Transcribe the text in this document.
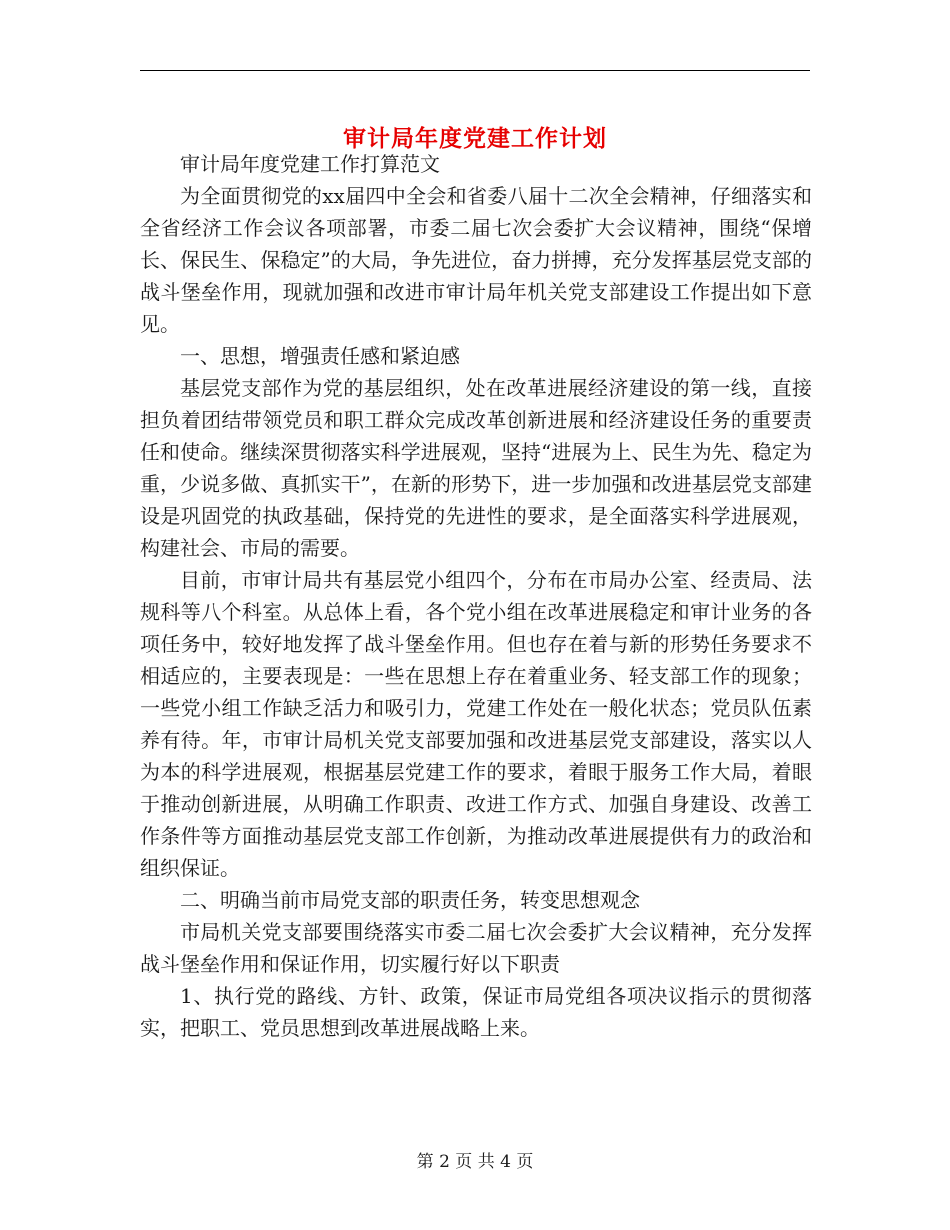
审计局年度党建工作计划

审计局年度党建工作打算范文

为全面贯彻党的xx届四中全会和省委八届十二次全会精神，仔细落实和全省经济工作会议各项部署，市委二届七次会委扩大会议精神，围绕“保增长、保民生、保稳定”的大局，争先进位，奋力拼搏，充分发挥基层党支部的战斗堡垒作用，现就加强和改进市审计局年机关党支部建设工作提出如下意见。

一、思想，增强责任感和紧迫感

基层党支部作为党的基层组织，处在改革进展经济建设的第一线，直接担负着团结带领党员和职工群众完成改革创新进展和经济建设任务的重要责任和使命。继续深贯彻落实科学进展观，坚持“进展为上、民生为先、稳定为重，少说多做、真抓实干”，在新的形势下，进一步加强和改进基层党支部建设是巩固党的执政基础，保持党的先进性的要求，是全面落实科学进展观，构建社会、市局的需要。

目前，市审计局共有基层党小组四个，分布在市局办公室、经责局、法规科等八个科室。从总体上看，各个党小组在改革进展稳定和审计业务的各项任务中，较好地发挥了战斗堡垒作用。但也存在着与新的形势任务要求不相适应的，主要表现是：一些在思想上存在着重业务、轻支部工作的现象；一些党小组工作缺乏活力和吸引力，党建工作处在一般化状态；党员队伍素养有待。年，市审计局机关党支部要加强和改进基层党支部建设，落实以人为本的科学进展观，根据基层党建工作的要求，着眼于服务工作大局，着眼于推动创新进展，从明确工作职责、改进工作方式、加强自身建设、改善工作条件等方面推动基层党支部工作创新，为推动改革进展提供有力的政治和组织保证。

二、明确当前市局党支部的职责任务，转变思想观念

市局机关党支部要围绕落实市委二届七次会委扩大会议精神，充分发挥战斗堡垒作用和保证作用，切实履行好以下职责

1、执行党的路线、方针、政策，保证市局党组各项决议指示的贯彻落实，把职工、党员思想到改革进展战略上来。

第 2 页 共 4 页
